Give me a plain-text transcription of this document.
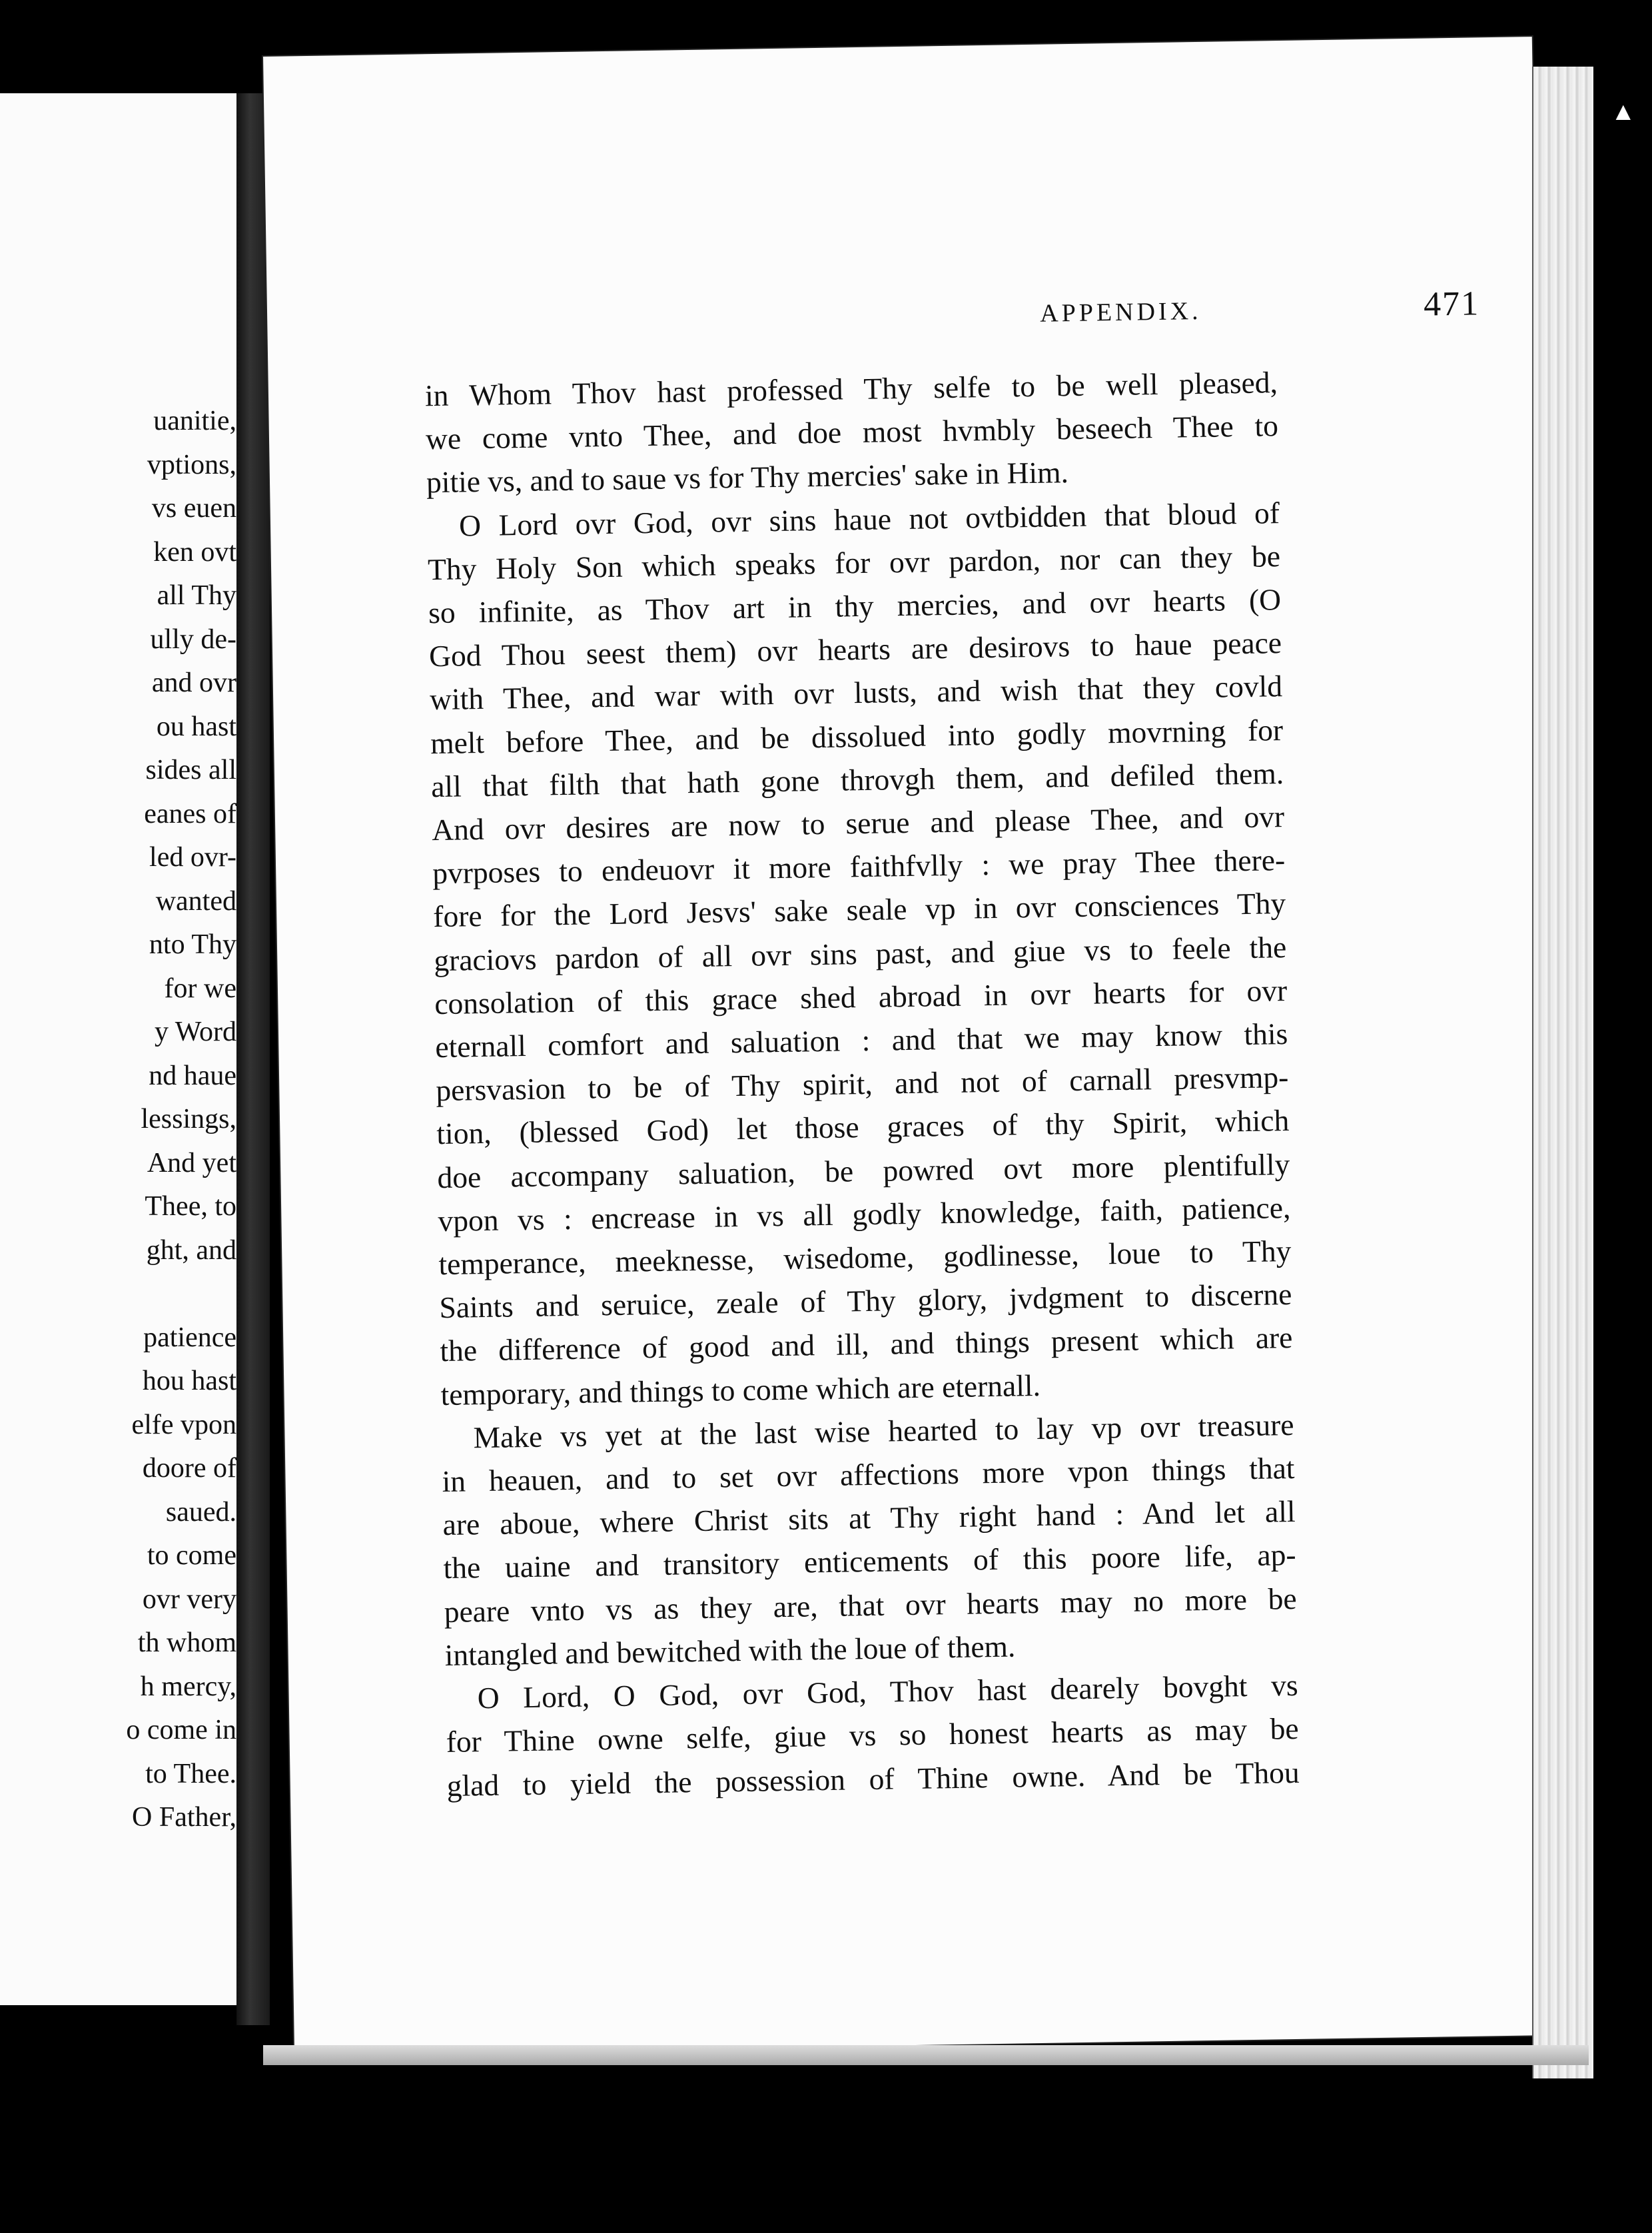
uanitie,
vptions,
vs euen
ken ovt
all Thy
ully de-
and ovr
ou hast
sides all
eanes of
led ovr-
wanted
nto Thy
for we
y Word
nd haue
lessings,
And yet
Thee, to
ght, and

patience
hou hast
elfe vpon
doore of
saued.
to come
ovr very
th whom
h mercy,
o come in
to Thee.
O Father,
APPENDIX.	471
in Whom Thov hast professed Thy selfe to be well pleased,
we come vnto Thee, and doe most hvmbly beseech Thee to
pitie vs, and to saue vs for Thy mercies' sake in Him.
O Lord ovr God, ovr sins haue not ovtbidden that bloud of
Thy Holy Son which speaks for ovr pardon, nor can they be
so infinite, as Thov art in thy mercies, and ovr hearts (O
God Thou seest them) ovr hearts are desirovs to haue peace
with Thee, and war with ovr lusts, and wish that they covld
melt before Thee, and be dissolued into godly movrning for
all that filth that hath gone throvgh them, and defiled them.
And ovr desires are now to serue and please Thee, and ovr
pvrposes to endeuovr it more faithfvlly : we pray Thee there-
fore for the Lord Jesvs' sake seale vp in ovr consciences Thy
graciovs pardon of all ovr sins past, and giue vs to feele the
consolation of this grace shed abroad in ovr hearts for ovr
eternall comfort and saluation : and that we may know this
persvasion to be of Thy spirit, and not of carnall presvmp-
tion, (blessed God) let those graces of thy Spirit, which
doe accompany saluation, be powred ovt more plentifully
vpon vs : encrease in vs all godly knowledge, faith, patience,
temperance, meeknesse, wisedome, godlinesse, loue to Thy
Saints and seruice, zeale of Thy glory, jvdgment to discerne
the difference of good and ill, and things present which are
temporary, and things to come which are eternall.
Make vs yet at the last wise hearted to lay vp ovr treasure
in heauen, and to set ovr affections more vpon things that
are aboue, where Christ sits at Thy right hand : And let all
the uaine and transitory enticements of this poore life, ap-
peare vnto vs as they are, that ovr hearts may no more be
intangled and bewitched with the loue of them.
O Lord, O God, ovr God, Thov hast dearely bovght vs
for Thine owne selfe, giue vs so honest hearts as may be
glad to yield the possession of Thine owne. And be Thou
▲
